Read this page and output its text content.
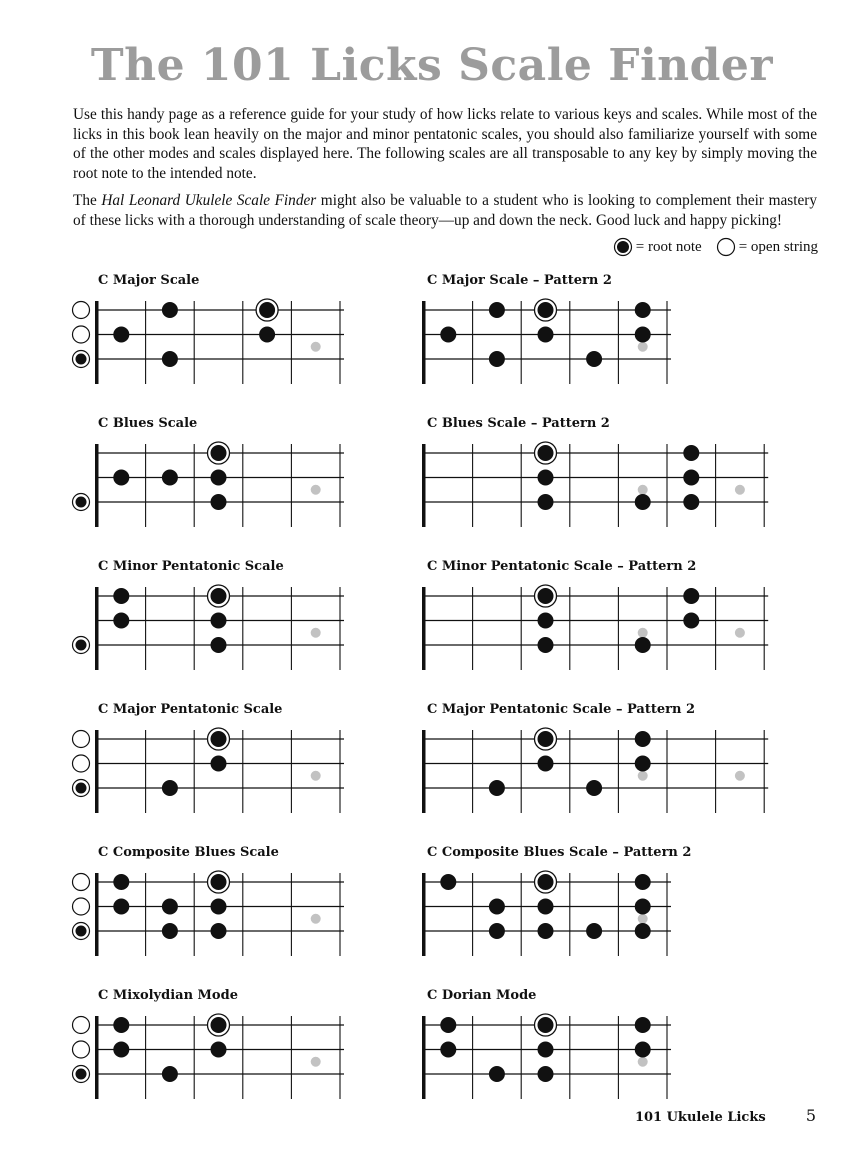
The 101 Licks Scale Finder
Use this handy page as a reference guide for your study of how licks relate to various keys and scales. While most of the licks in this book lean heavily on the major and minor pentatonic scales, you should also familiarize yourself with some of the other modes and scales displayed here. The following scales are all transposable to any key by simply moving the root note to the intended note.
The Hal Leonard Ukulele Scale Finder might also be valuable to a student who is looking to complement their mastery of these licks with a thorough understanding of scale theory—up and down the neck. Good luck and happy picking!
= root note = open string
C Major Scale	C Major Scale – Pattern 2
C Blues Scale	C Blues Scale – Pattern 2
C Minor Pentatonic Scale	C Minor Pentatonic Scale – Pattern 2
C Major Pentatonic Scale	C Major Pentatonic Scale – Pattern 2
C Composite Blues Scale	C Composite Blues Scale – Pattern 2
C Mixolydian Mode	C Dorian Mode
101 Ukulele Licks	5
